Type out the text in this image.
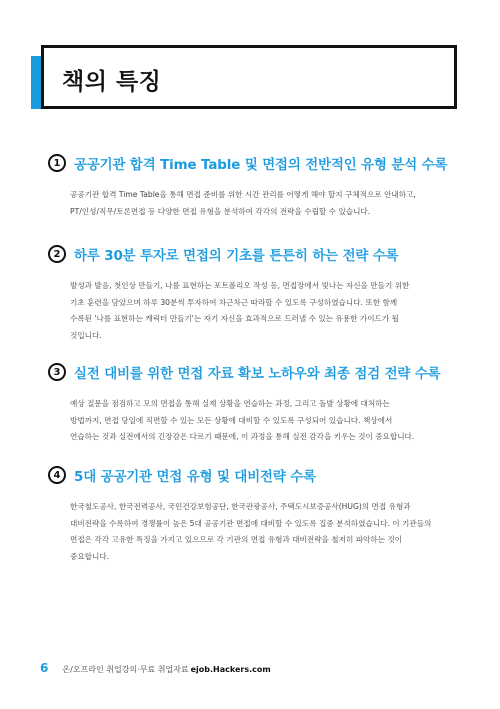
책의 특징
1	공공기관 합격 Time Table 및 면접의 전반적인 유형 분석 수록

공공기관 합격 Time Table을 통해 면접 준비를 위한 시간 관리를 어떻게 해야 할지 구체적으로 안내하고,

PT/인성/직무/토론면접 등 다양한 면접 유형을 분석하여 각각의 전략을 수립할 수 있습니다.

2	하루 30분 투자로 면접의 기초를 튼튼히 하는 전략 수록

발성과 발음, 첫인상 만들기, 나를 표현하는 포트폴리오 작성 등, 면접장에서 빛나는 자신을 만들기 위한

기초 훈련을 담았으며 하루 30분씩 투자하여 차근차근 따라할 수 있도록 구성하였습니다. 또한 함께

수록된 '나를 표현하는 캐릭터 만들기'는 자기 자신을 효과적으로 드러낼 수 있는 유용한 가이드가 될

것입니다.

3	실전 대비를 위한 면접 자료 확보 노하우와 최종 점검 전략 수록

예상 질문을 점검하고 모의 면접을 통해 실제 상황을 연습하는 과정, 그리고 돌발 상황에 대처하는

방법까지, 면접 당일에 직면할 수 있는 모든 상황에 대비할 수 있도록 구성되어 있습니다. 책상에서

연습하는 것과 실전에서의 긴장감은 다르기 때문에, 이 과정을 통해 실전 감각을 키우는 것이 중요합니다.

4	5대 공공기관 면접 유형 및 대비전략 수록

한국철도공사, 한국전력공사, 국민건강보험공단, 한국관광공사, 주택도시보증공사(HUG)의 면접 유형과

대비전략을 수록하여 경쟁률이 높은 5대 공공기관 면접에 대비할 수 있도록 집중 분석하였습니다. 이 기관들의

면접은 각각 고유한 특징을 가지고 있으므로 각 기관의 면접 유형과 대비전략을 철저히 파악하는 것이

중요합니다.

6 온/오프라인 취업강의·무료 취업자료 ejob.Hackers.com
